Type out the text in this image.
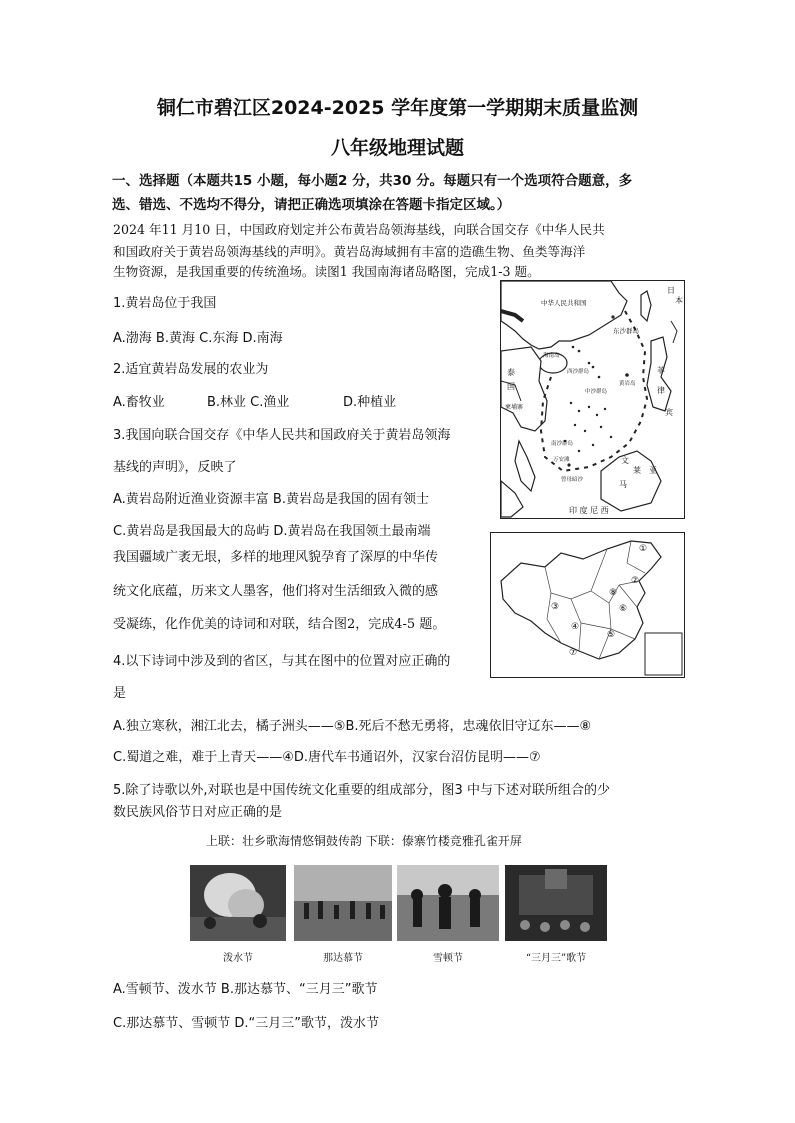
铜仁市碧江区2024-2025 学年度第一学期期末质量监测
八年级地理试题
一、选择题（本题共15 小题，每小题2 分，共30 分。每题只有一个选项符合题意，多
选、错选、不选均不得分，请把正确选项填涂在答题卡指定区域。）
2024 年11 月10 日，中国政府划定并公布黄岩岛领海基线，向联合国交存《中华人民共
和国政府关于黄岩岛领海基线的声明》。黄岩岛海域拥有丰富的造礁生物、鱼类等海洋
生物资源，是我国重要的传统渔场。读图1 我国南海诸岛略图，完成1-3 题。
1.黄岩岛位于我国
A.渤海 B.黄海 C.东海 D.南海
2.适宜黄岩岛发展的农业为
A.畜牧业	B.林业 C.渔业	D.种植业
3.我国向联合国交存《中华人民共和国政府关于黄岩岛领海
基线的声明》，反映了
A.黄岩岛附近渔业资源丰富 B.黄岩岛是我国的固有领士
C.黄岩岛是我国最大的岛屿 D.黄岩岛在我国领土最南端
中华人民共和国
日
本
东沙群岛
海南岛
西沙群岛
中沙群岛
黄岩岛
菲
律
宾
泰
国
柬埔寨
南沙群岛
万安滩
曾母暗沙
文
莱
马
亚
印 度 尼 西
我国疆域广袤无垠，多样的地理风貌孕育了深厚的中华传
统文化底蕴，历来文人墨客，他们将对生活细致入微的感
受凝练，化作优美的诗词和对联，结合图2，完成4-5 题。
①
②
③
④
⑤
⑥
⑦
⑧
4.以下诗词中涉及到的省区，与其在图中的位置对应正确的
是
A.独立寒秋，湘江北去，橘子洲头——⑤B.死后不愁无勇将，忠魂依旧守辽东——⑧
C.蜀道之难，难于上青天——④D.唐代车书通诏外，汉家台沼仿昆明——⑦
5.除了诗歌以外,对联也是中国传统文化重要的组成部分，图3 中与下述对联所组合的少
数民族风俗节日对应正确的是
上联：壮乡歌海情悠铜鼓传韵 下联：傣寨竹楼竞雅孔雀开屏
泼水节	那达慕节	雪顿节	“三月三”歌节
A.雪顿节、泼水节 B.那达慕节、“三月三”歌节
C.那达慕节、雪顿节 D.“三月三”歌节，泼水节
